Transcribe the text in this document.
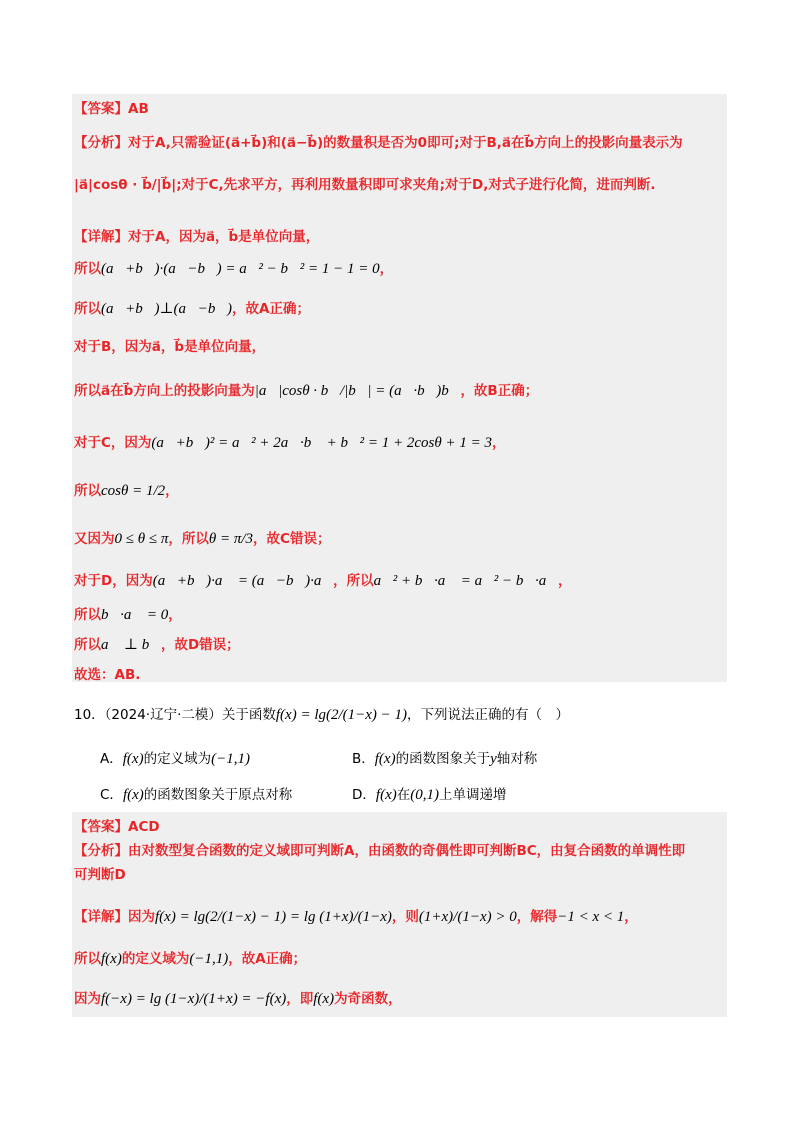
【答案】AB
【分析】对于A,只需验证(a⃗+b⃗)和(a⃗−b⃗)的数量积是否为0即可;对于B,a⃗在b⃗方向上的投影向量表示为
|a⃗|cosθ · b⃗/|b⃗|;对于C,先求平方，再利用数量积即可求夹角;对于D,对式子进行化简，进而判断.
【详解】对于A，因为a⃗，b⃗是单位向量，
所以(a⃗+b⃗)·(a⃗−b⃗) = a⃗² − b⃗² = 1 − 1 = 0，
所以(a⃗+b⃗)⊥(a⃗−b⃗)，故A正确；
对于B，因为a⃗，b⃗是单位向量，
所以a⃗在b⃗方向上的投影向量为|a⃗|cosθ · b⃗/|b⃗| = (a⃗·b⃗)b⃗，故B正确；
对于C，因为(a⃗+b⃗)² = a⃗² + 2a⃗·b⃗ + b⃗² = 1 + 2cosθ + 1 = 3，
所以cosθ = 1/2，
又因为0 ≤ θ ≤ π，所以θ = π/3，故C错误；
对于D，因为(a⃗+b⃗)·a⃗ = (a⃗−b⃗)·a⃗，所以a⃗² + b⃗·a⃗ = a⃗² − b⃗·a⃗，
所以b⃗·a⃗ = 0，
所以a⃗ ⊥ b⃗，故D错误；
故选：AB.
10．（2024·辽宁·二模）关于函数f(x) = lg(2/(1−x) − 1)，下列说法正确的有（　）
A．f(x)的定义域为(−1,1)	B．f(x)的函数图象关于y轴对称
C．f(x)的函数图象关于原点对称	D．f(x)在(0,1)上单调递增
【答案】ACD
【分析】由对数型复合函数的定义域即可判断A，由函数的奇偶性即可判断BC，由复合函数的单调性即
可判断D
【详解】因为f(x) = lg(2/(1−x) − 1) = lg (1+x)/(1−x)，则(1+x)/(1−x) > 0，解得−1 < x < 1，
所以f(x)的定义域为(−1,1)，故A正确；
因为f(−x) = lg (1−x)/(1+x) = −f(x)，即f(x)为奇函数，
